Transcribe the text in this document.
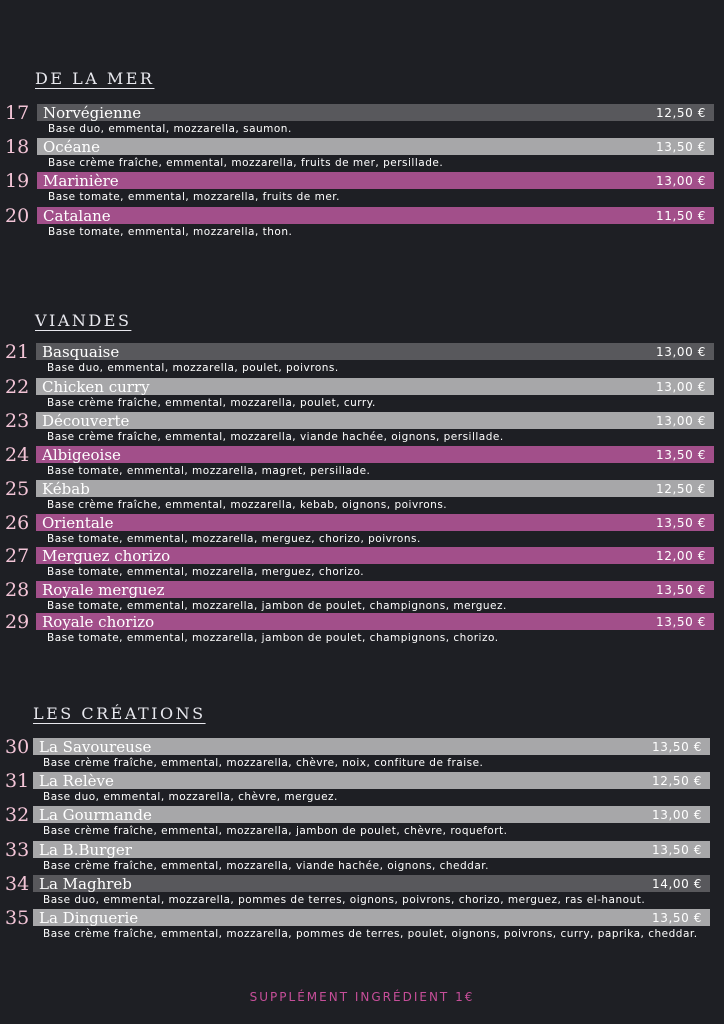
DE LA MER
17 Norvégienne	12,50 €
Base duo, emmental, mozzarella, saumon.
18 Océane	13,50 €
Base crème fraîche, emmental, mozzarella, fruits de mer, persillade.
19 Marinière	13,00 €
Base tomate, emmental, mozzarella, fruits de mer.
20 Catalane	11,50 €
Base tomate, emmental, mozzarella, thon.
VIANDES
21 Basquaise	13,00 €
Base duo, emmental, mozzarella, poulet, poivrons.
22 Chicken curry	13,00 €
Base crème fraîche, emmental, mozzarella, poulet, curry.
23 Découverte	13,00 €
Base crème fraîche, emmental, mozzarella, viande hachée, oignons, persillade.
24 Albigeoise	13,50 €
Base tomate, emmental, mozzarella, magret, persillade.
25 Kébab	12,50 €
Base crème fraîche, emmental, mozzarella, kebab, oignons, poivrons.
26 Orientale	13,50 €
Base tomate, emmental, mozzarella, merguez, chorizo, poivrons.
27 Merguez chorizo	12,00 €
Base tomate, emmental, mozzarella, merguez, chorizo.
28 Royale merguez	13,50 €
Base tomate, emmental, mozzarella, jambon de poulet, champignons, merguez.
29 Royale chorizo	13,50 €
Base tomate, emmental, mozzarella, jambon de poulet, champignons, chorizo.
LES CRÉATIONS
30 La Savoureuse	13,50 €
Base crème fraîche, emmental, mozzarella, chèvre, noix, confiture de fraise.
31 La Relève	12,50 €
Base duo, emmental, mozzarella, chèvre, merguez.
32 La Gourmande	13,00 €
Base crème fraîche, emmental, mozzarella, jambon de poulet, chèvre, roquefort.
33 La B.Burger	13,50 €
Base crème fraîche, emmental, mozzarella, viande hachée, oignons, cheddar.
34 La Maghreb	14,00 €
Base duo, emmental, mozzarella, pommes de terres, oignons, poivrons, chorizo, merguez, ras el-hanout.
35 La Dinguerie	13,50 €
Base crème fraîche, emmental, mozzarella, pommes de terres, poulet, oignons, poivrons, curry, paprika, cheddar.
SUPPLÉMENT INGRÉDIENT 1€
